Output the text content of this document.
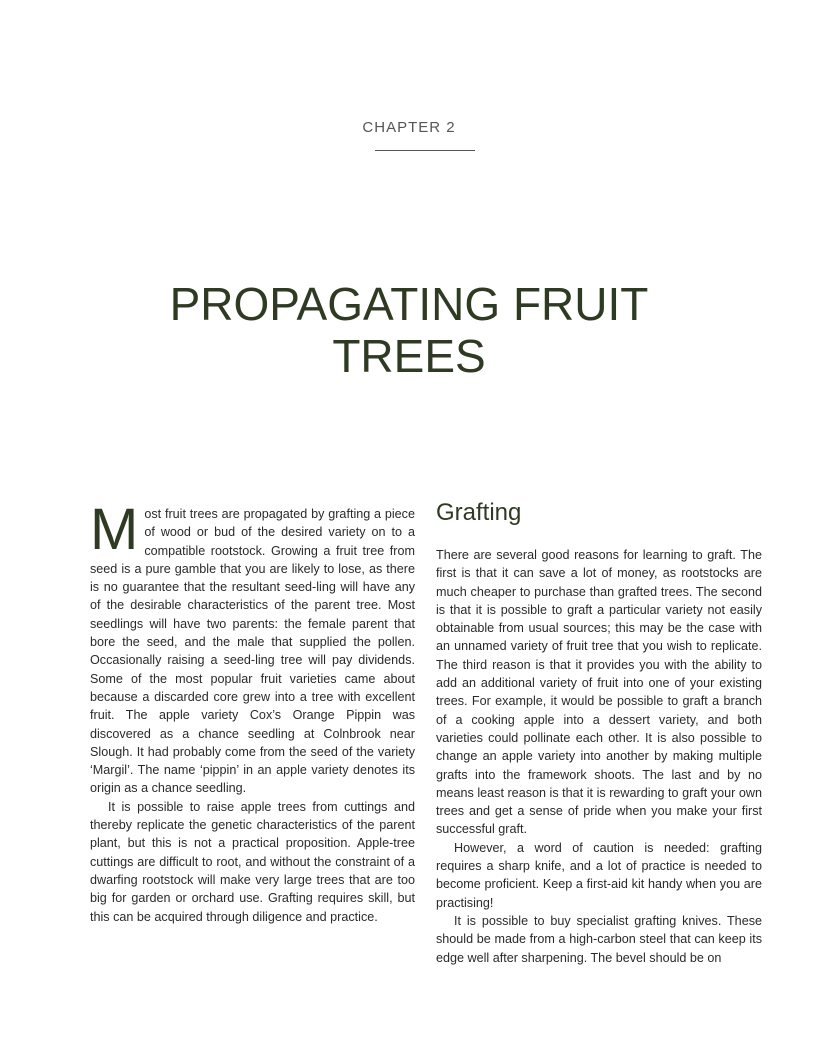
CHAPTER 2
PROPAGATING FRUIT
TREES

Most fruit trees are propagated by grafting a piece of wood or bud of the desired variety on to a compatible rootstock. Growing a fruit tree from seed is a pure gamble that you are likely to lose, as there is no guarantee that the resultant seed-ling will have any of the desirable characteristics of the parent tree. Most seedlings will have two parents: the female parent that bore the seed, and the male that supplied the pollen. Occasionally raising a seed-ling tree will pay dividends. Some of the most popular fruit varieties came about because a discarded core grew into a tree with excellent fruit. The apple variety Cox’s Orange Pippin was discovered as a chance seedling at Colnbrook near Slough. It had probably come from the seed of the variety ‘Margil’. The name ‘pippin’ in an apple variety denotes its origin as a chance seedling.

It is possible to raise apple trees from cuttings and thereby replicate the genetic characteristics of the parent plant, but this is not a practical proposition. Apple-tree cuttings are difficult to root, and without the constraint of a dwarfing rootstock will make very large trees that are too big for garden or orchard use. Grafting requires skill, but this can be acquired through diligence and practice.

Grafting

There are several good reasons for learning to graft. The first is that it can save a lot of money, as rootstocks are much cheaper to purchase than grafted trees. The second is that it is possible to graft a particular variety not easily obtainable from usual sources; this may be the case with an unnamed variety of fruit tree that you wish to replicate. The third reason is that it provides you with the ability to add an additional variety of fruit into one of your existing trees. For example, it would be possible to graft a branch of a cooking apple into a dessert variety, and both varieties could pollinate each other. It is also possible to change an apple variety into another by making multiple grafts into the framework shoots. The last and by no means least reason is that it is rewarding to graft your own trees and get a sense of pride when you make your first successful graft.

However, a word of caution is needed: grafting requires a sharp knife, and a lot of practice is needed to become proficient. Keep a first-aid kit handy when you are practising!

It is possible to buy specialist grafting knives. These should be made from a high-carbon steel that can keep its edge well after sharpening. The bevel should be on
